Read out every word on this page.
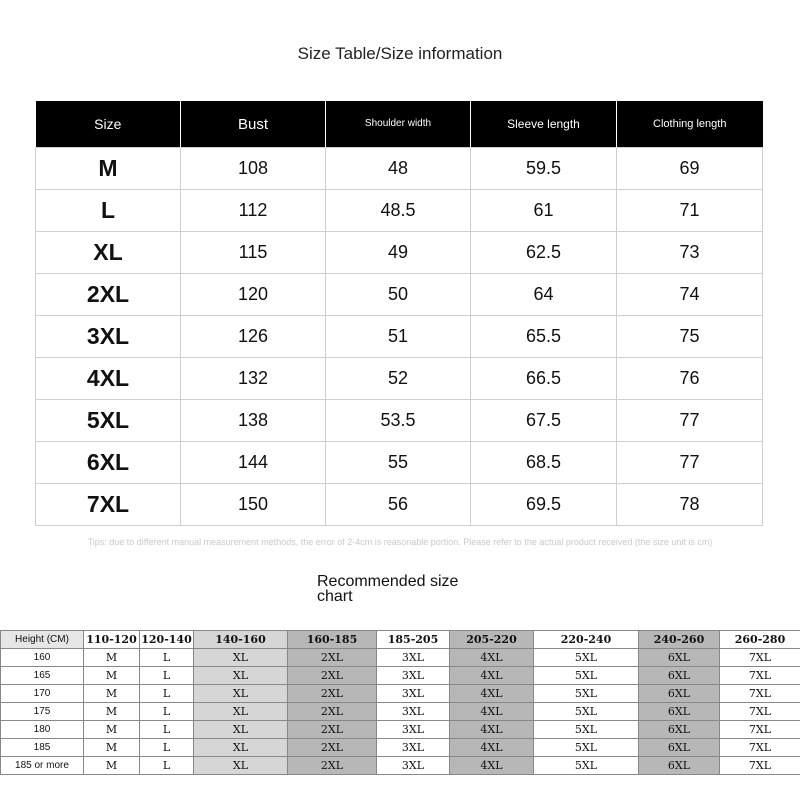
Size Table/Size information
Size	Bust	Shoulder width	Sleeve length	Clothing length
M	108	48	59.5	69
L	112	48.5	61	71
XL	115	49	62.5	73
2XL	120	50	64	74
3XL	126	51	65.5	75
4XL	132	52	66.5	76
5XL	138	53.5	67.5	77
6XL	144	55	68.5	77
7XL	150	56	69.5	78
Tips: due to different manual measurement methods, the error of 2-4cm is reasonable portion. Please refer to the actual product received (the size unit is cm)
Recommended size chart
Height (CM)	110-120	120-140	140-160	160-185	185-205	205-220	220-240	240-260	260-280
160	M	L	XL	2XL	3XL	4XL	5XL	6XL	7XL
165	M	L	XL	2XL	3XL	4XL	5XL	6XL	7XL
170	M	L	XL	2XL	3XL	4XL	5XL	6XL	7XL
175	M	L	XL	2XL	3XL	4XL	5XL	6XL	7XL
180	M	L	XL	2XL	3XL	4XL	5XL	6XL	7XL
185	M	L	XL	2XL	3XL	4XL	5XL	6XL	7XL
185 or more	M	L	XL	2XL	3XL	4XL	5XL	6XL	7XL
